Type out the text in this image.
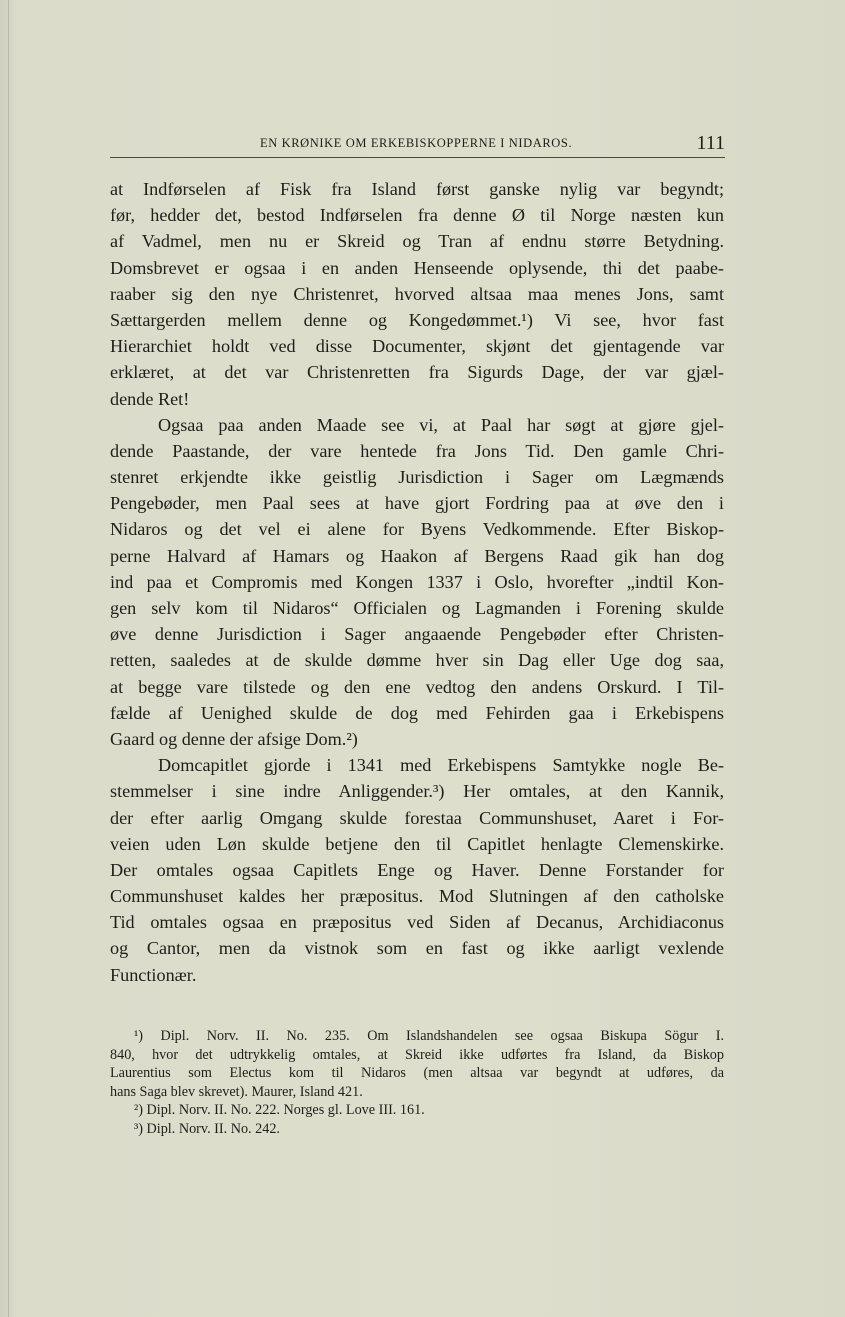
EN KRØNIKE OM ERKEBISKOPPERNE I NIDAROS.	111
at Indførselen af Fisk fra Island først ganske nylig var begyndt;
før, hedder det, bestod Indførselen fra denne Ø til Norge næsten kun
af Vadmel, men nu er Skreid og Tran af endnu større Betydning.
Domsbrevet er ogsaa i en anden Henseende oplysende, thi det paabe-
raaber sig den nye Christenret, hvorved altsaa maa menes Jons, samt
Sættargerden mellem denne og Kongedømmet.¹) Vi see, hvor fast
Hierarchiet holdt ved disse Documenter, skjønt det gjentagende var
erklæret, at det var Christenretten fra Sigurds Dage, der var gjæl-
dende Ret!
Ogsaa paa anden Maade see vi, at Paal har søgt at gjøre gjel-
dende Paastande, der vare hentede fra Jons Tid. Den gamle Chri-
stenret erkjendte ikke geistlig Jurisdiction i Sager om Lægmænds
Pengebøder, men Paal sees at have gjort Fordring paa at øve den i
Nidaros og det vel ei alene for Byens Vedkommende. Efter Biskop-
perne Halvard af Hamars og Haakon af Bergens Raad gik han dog
ind paa et Compromis med Kongen 1337 i Oslo, hvorefter „indtil Kon-
gen selv kom til Nidaros“ Officialen og Lagmanden i Forening skulde
øve denne Jurisdiction i Sager angaaende Pengebøder efter Christen-
retten, saaledes at de skulde dømme hver sin Dag eller Uge dog saa,
at begge vare tilstede og den ene vedtog den andens Orskurd. I Til-
fælde af Uenighed skulde de dog med Fehirden gaa i Erkebispens
Gaard og denne der afsige Dom.²)
Domcapitlet gjorde i 1341 med Erkebispens Samtykke nogle Be-
stemmelser i sine indre Anliggender.³) Her omtales, at den Kannik,
der efter aarlig Omgang skulde forestaa Communshuset, Aaret i For-
veien uden Løn skulde betjene den til Capitlet henlagte Clemenskirke.
Der omtales ogsaa Capitlets Enge og Haver. Denne Forstander for
Communshuset kaldes her præpositus. Mod Slutningen af den catholske
Tid omtales ogsaa en præpositus ved Siden af Decanus, Archidiaconus
og Cantor, men da vistnok som en fast og ikke aarligt vexlende
Functionær.
¹) Dipl. Norv. II. No. 235. Om Islandshandelen see ogsaa Biskupa Sögur I.
840, hvor det udtrykkelig omtales, at Skreid ikke udførtes fra Island, da Biskop
Laurentius som Electus kom til Nidaros (men altsaa var begyndt at udføres, da
hans Saga blev skrevet). Maurer, Island 421.
²) Dipl. Norv. II. No. 222. Norges gl. Love III. 161.
³) Dipl. Norv. II. No. 242.
